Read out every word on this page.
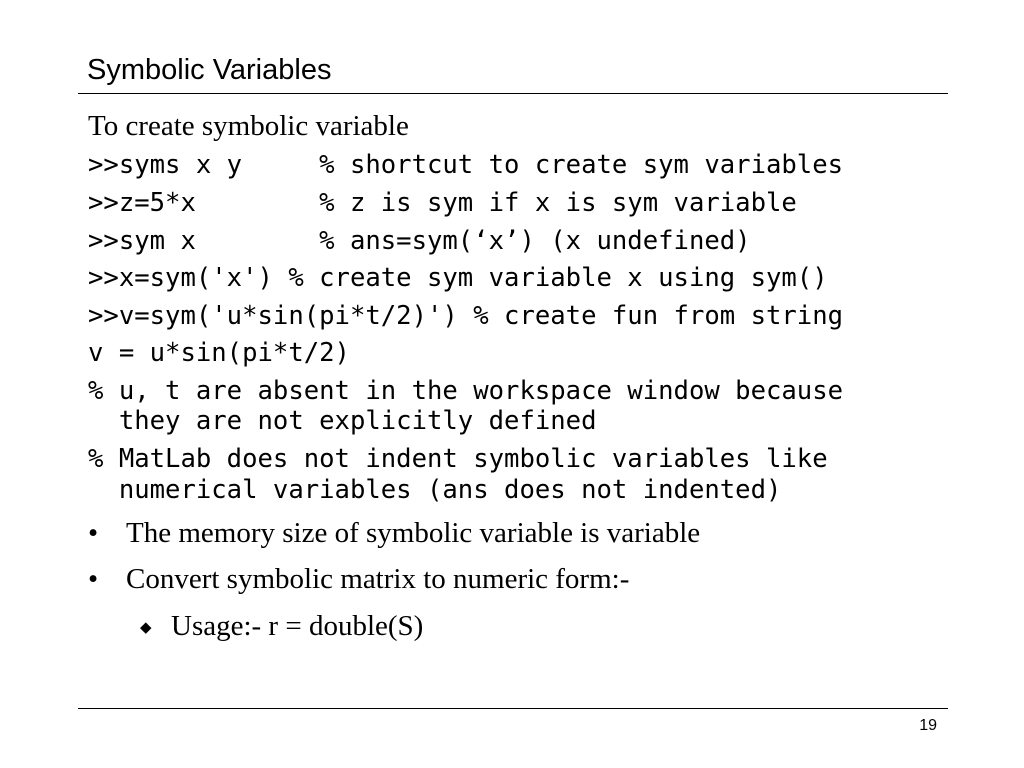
Symbolic Variables
To create symbolic variable
>>syms x y     % shortcut to create sym variables
>>z=5*x        % z is sym if x is sym variable
>>sym x        % ans=sym(‘x’) (x undefined)
>>x=sym('x') % create sym variable x using sym()
>>v=sym('u*sin(pi*t/2)') % create fun from string
v = u*sin(pi*t/2)
% u, t are absent in the workspace window because
they are not explicitly defined
% MatLab does not indent symbolic variables like
numerical variables (ans does not indented)
• The memory size of symbolic variable is variable
• Convert symbolic matrix to numeric form:-
◆ Usage:- r = double(S)
19
